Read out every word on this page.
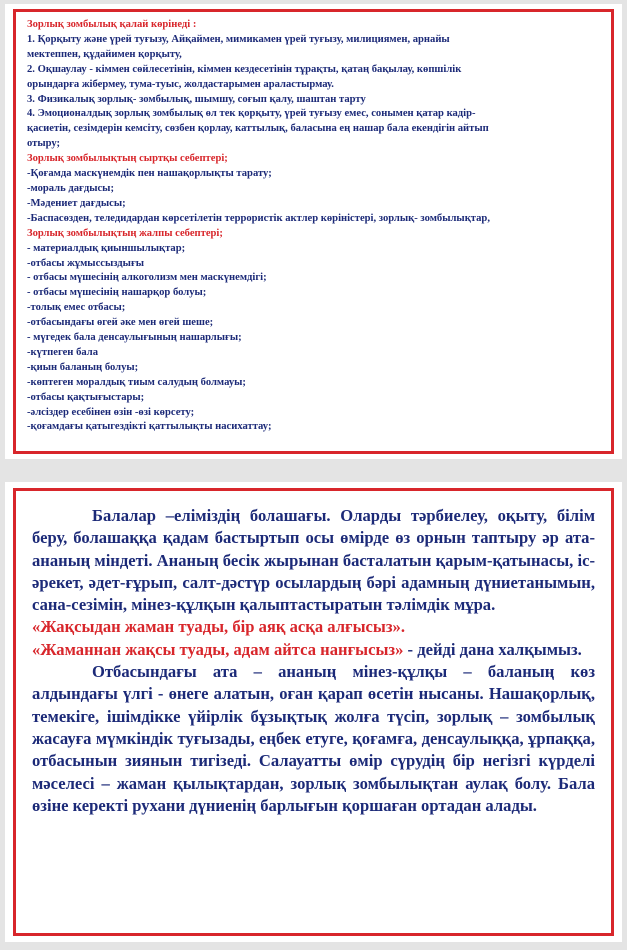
Зорлық зомбылық қалай көрінеді :
1. Қорқыту және үрей туғызу, Айқаймен, мимикамен үрей туғызу, милициямен, арнайы
мектеппен, құдайимен қорқыту,
2. Оқшаулау - кіммен сөйлесетінін, кіммен кездесетінін тұрақты, қатаң бақылау, көпшілік
орындарға жібермеу, тума-туыс, жолдастарымен араластырмау.
3. Физикалық зорлық- зомбылық, шымшу, соғып қалу, шаштан тарту
4. Эмоционалдық зорлық зомбылық өл тек қорқыту, үрей туғызу емес, сонымен қатар кадір-
қасиетін, сезімдерін кемсіту, сөзбен қорлау, каттылық, баласына ең нашар бала екендігін айтып
отыру;
Зорлық зомбылықтың сыртқы себептері;
-Қоғамда маскүнемдік пен нашақорлықты тарату;
-мораль дағдысы;
-Мәдениет дағдысы;
-Баспасөзден, теледидардан көрсетілетін террористік актлер көріністері, зорлық- зомбылықтар,
Зорлық зомбылықтың жалпы себептері;
- материалдық қиыншылықтар;
-отбасы жұмыссыздығы
- отбасы мүшесінің алкоголизм мен маскүнемдігі;
- отбасы мүшесінің нашарқор болуы;
-толық емес отбасы;
-отбасындағы өгей әке мен өгей шеше;
- мүгедек бала денсаулығының нашарлығы;
-күтпеген бала
-қиын баланың болуы;
-көптеген моралдық тиым салудың болмауы;
-отбасы қақтығыстары;
-әлсіздер есебінен өзін -өзі көрсету;
-қоғамдағы қатыгездікті қаттылықты насихаттау;

Балалар –еліміздің болашағы. Оларды тәрбиелеу, оқыту, білім беру, болашаққа қадам бастыртып осы өмірде өз орнын таптыру әр ата-ананың міндеті. Ананың бесік жырынан басталатын қарым-қатынасы, іс-әрекет, әдет-ғұрып, салт-дәстүр осылардың бәрі адамның дүниетанымын, сана-сезімін, мінез-құлқын қалыптастыратын тәлімдік мұра.

«Жақсыдан жаман туады, бір аяқ асқа алғысыз».

«Жаманнан жақсы туады, адам айтса нанғысыз» - дейді дана халқымыз.

Отбасындағы ата – ананың мінез-құлқы – баланың көз алдындағы үлгі - өнеге алатын, оған қарап өсетін нысаны. Нашақорлық, темекіге, ішімдікке үйірлік бұзықтық жолға түсіп, зорлық – зомбылық жасауға мүмкіндік туғызады, еңбек етуге, қоғамға, денсаулыққа, ұрпаққа, отбасынын зиянын тигізеді. Салауатты өмір сүрудің бір негізгі күрделі мәселесі – жаман қылықтардан, зорлық зомбылықтан аулақ болу. Бала өзіне керекті рухани дүниенің барлығын қоршаған ортадан алады.
